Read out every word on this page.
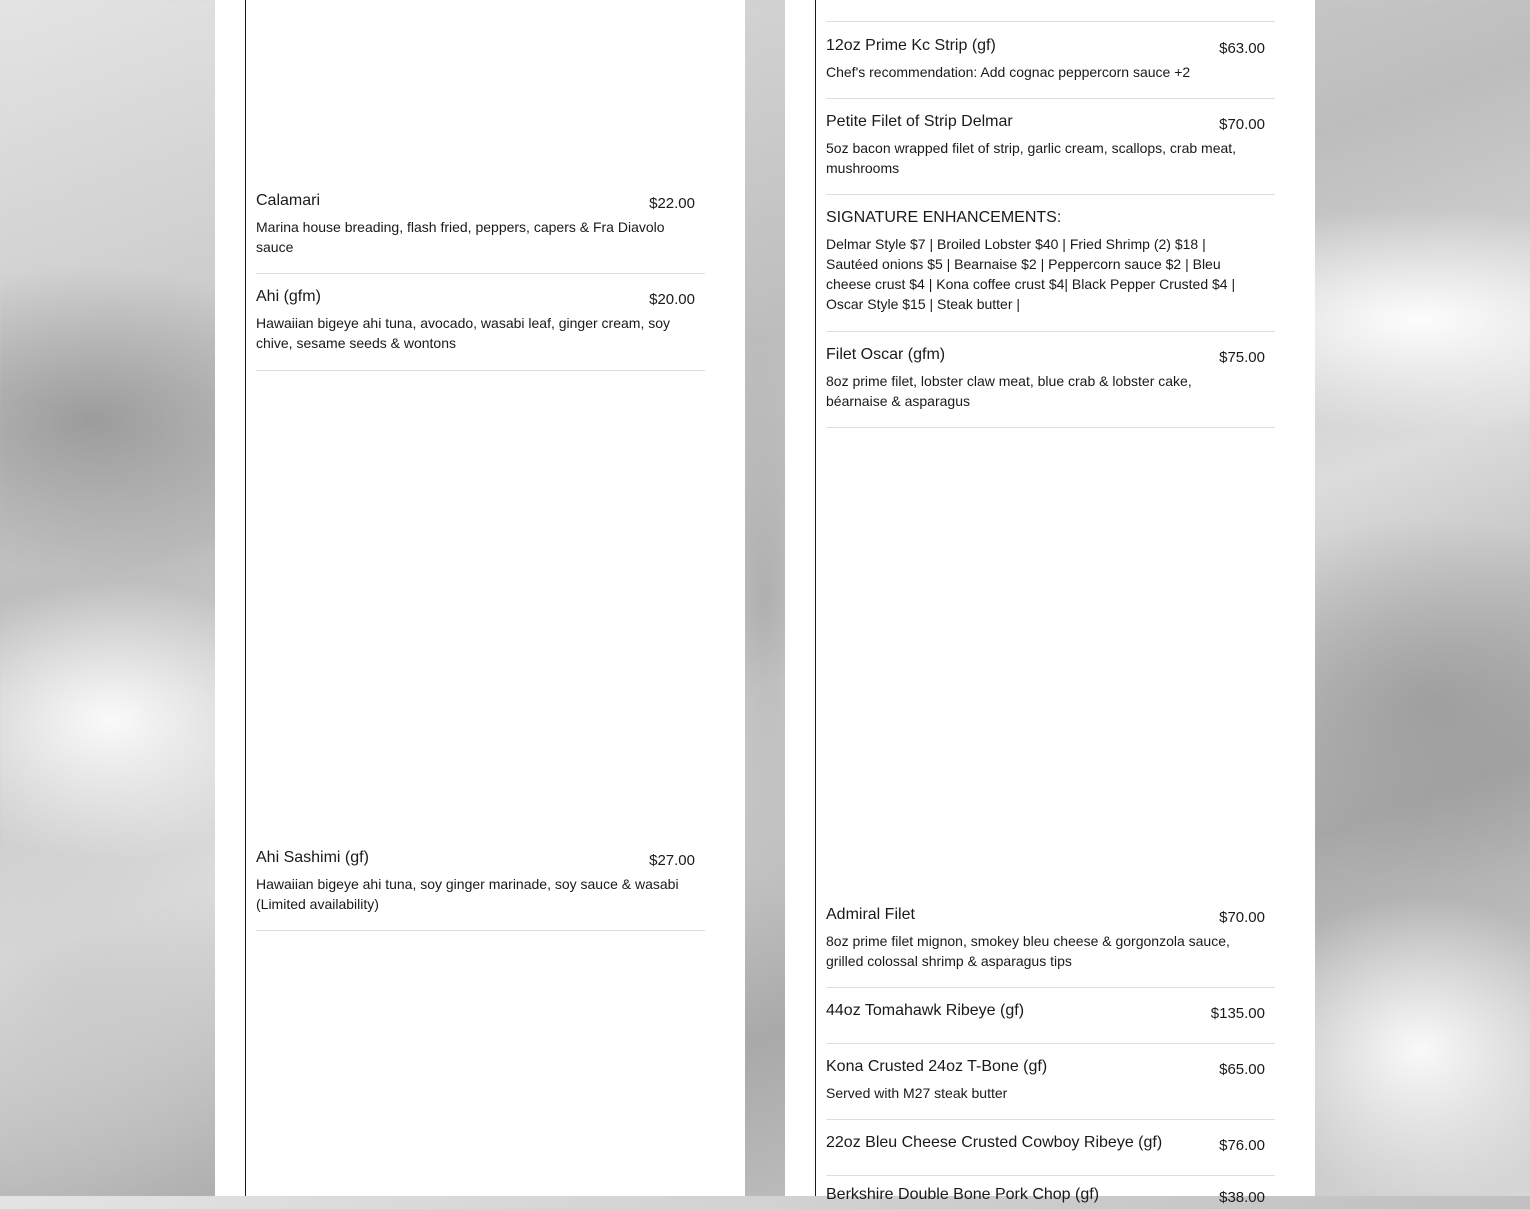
Calamari	$22.00
Marina house breading, flash fried, peppers, capers & Fra Diavolo sauce
Ahi (gfm)	$20.00
Hawaiian bigeye ahi tuna, avocado, wasabi leaf, ginger cream, soy chive, sesame seeds & wontons
Ahi Sashimi (gf)	$27.00
Hawaiian bigeye ahi tuna, soy ginger marinade, soy sauce & wasabi (Limited availability)
12oz Prime Kc Strip (gf)	$63.00
Chef's recommendation: Add cognac peppercorn sauce +2
Petite Filet of Strip Delmar	$70.00
5oz bacon wrapped filet of strip, garlic cream, scallops, crab meat, mushrooms
SIGNATURE ENHANCEMENTS:
Delmar Style $7 | Broiled Lobster $40 | Fried Shrimp (2) $18 | Sautéed onions $5 | Bearnaise $2 | Peppercorn sauce $2 | Bleu cheese crust $4 | Kona coffee crust $4| Black Pepper Crusted $4 | Oscar Style $15 | Steak butter |
Filet Oscar (gfm)	$75.00
8oz prime filet, lobster claw meat, blue crab & lobster cake, béarnaise & asparagus
Admiral Filet	$70.00
8oz prime filet mignon, smokey bleu cheese & gorgonzola sauce, grilled colossal shrimp & asparagus tips
44oz Tomahawk Ribeye (gf)	$135.00
Kona Crusted 24oz T-Bone (gf)	$65.00
Served with M27 steak butter
22oz Bleu Cheese Crusted Cowboy Ribeye (gf)	$76.00
Berkshire Double Bone Pork Chop (gf)	$38.00
